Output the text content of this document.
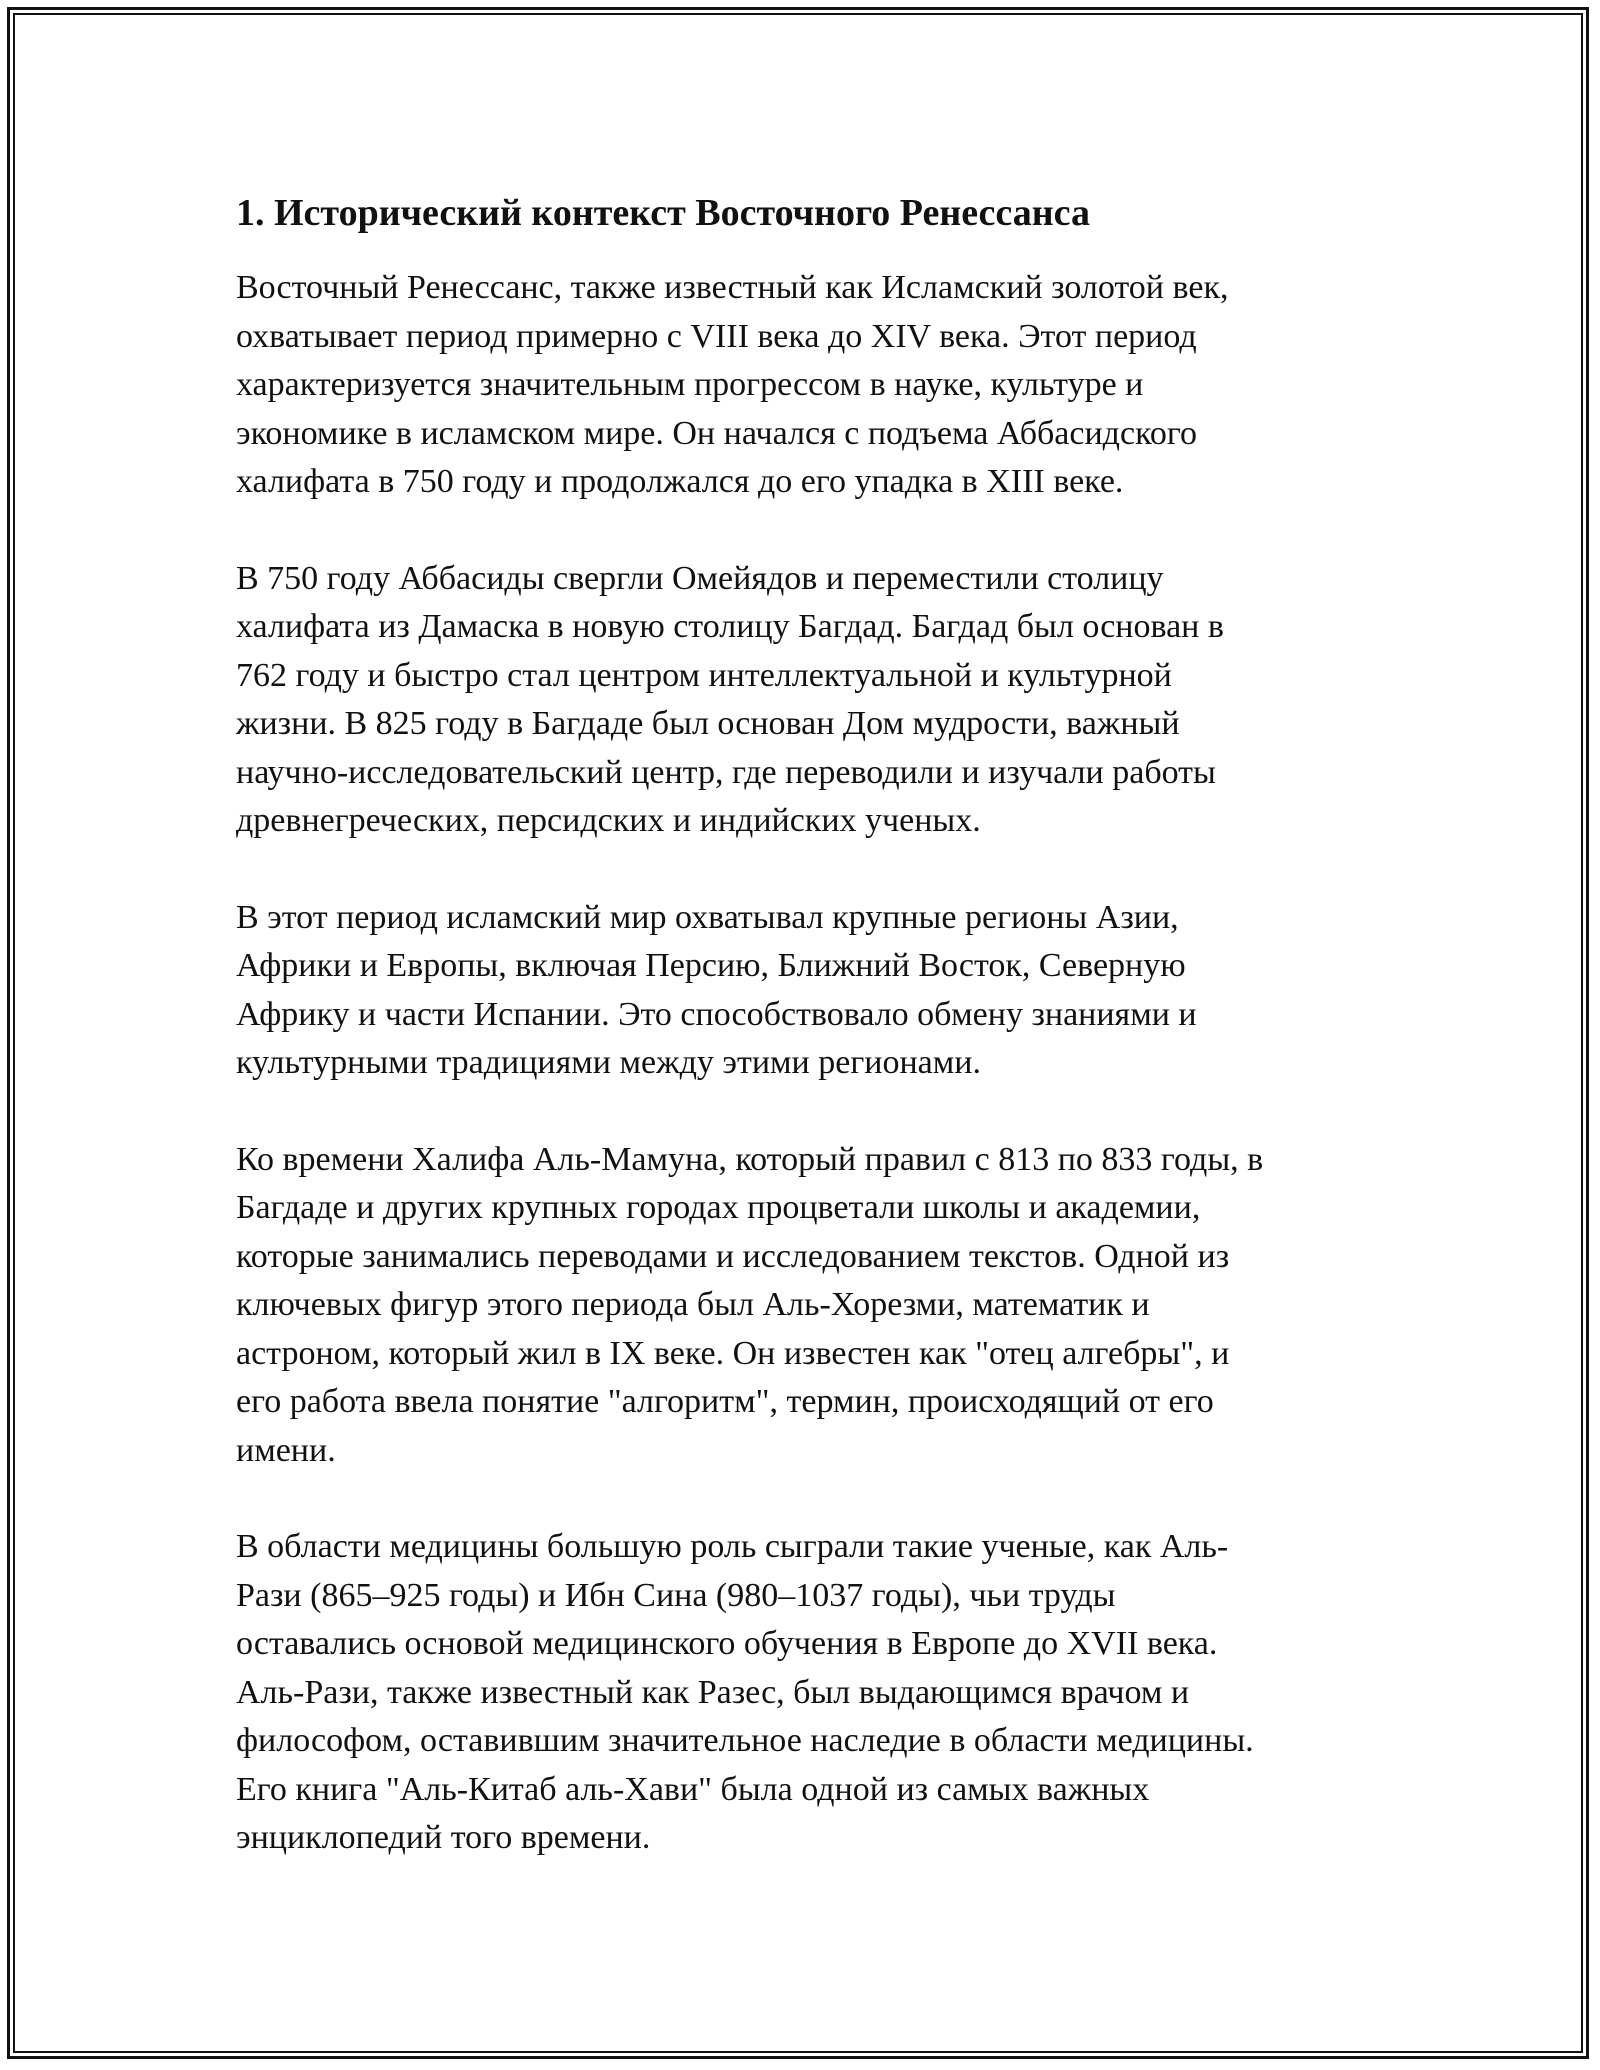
1. Исторический контекст Восточного Ренессанса

Восточный Ренессанс, также известный как Исламский золотой век,
охватывает период примерно с VIII века до XIV века. Этот период
характеризуется значительным прогрессом в науке, культуре и
экономике в исламском мире. Он начался с подъема Аббасидского
халифата в 750 году и продолжался до его упадка в XIII веке.

В 750 году Аббасиды свергли Омейядов и переместили столицу
халифата из Дамаска в новую столицу Багдад. Багдад был основан в
762 году и быстро стал центром интеллектуальной и культурной
жизни. В 825 году в Багдаде был основан Дом мудрости, важный
научно-исследовательский центр, где переводили и изучали работы
древнегреческих, персидских и индийских ученых.

В этот период исламский мир охватывал крупные регионы Азии,
Африки и Европы, включая Персию, Ближний Восток, Северную
Африку и части Испании. Это способствовало обмену знаниями и
культурными традициями между этими регионами.

Ко времени Халифа Аль-Мамуна, который правил с 813 по 833 годы, в
Багдаде и других крупных городах процветали школы и академии,
которые занимались переводами и исследованием текстов. Одной из
ключевых фигур этого периода был Аль-Хорезми, математик и
астроном, который жил в IX веке. Он известен как "отец алгебры", и
его работа ввела понятие "алгоритм", термин, происходящий от его
имени.

В области медицины большую роль сыграли такие ученые, как Аль-
Рази (865–925 годы) и Ибн Сина (980–1037 годы), чьи труды
оставались основой медицинского обучения в Европе до XVII века.
Аль-Рази, также известный как Разес, был выдающимся врачом и
философом, оставившим значительное наследие в области медицины.
Его книга "Аль-Китаб аль-Хави" была одной из самых важных
энциклопедий того времени.
